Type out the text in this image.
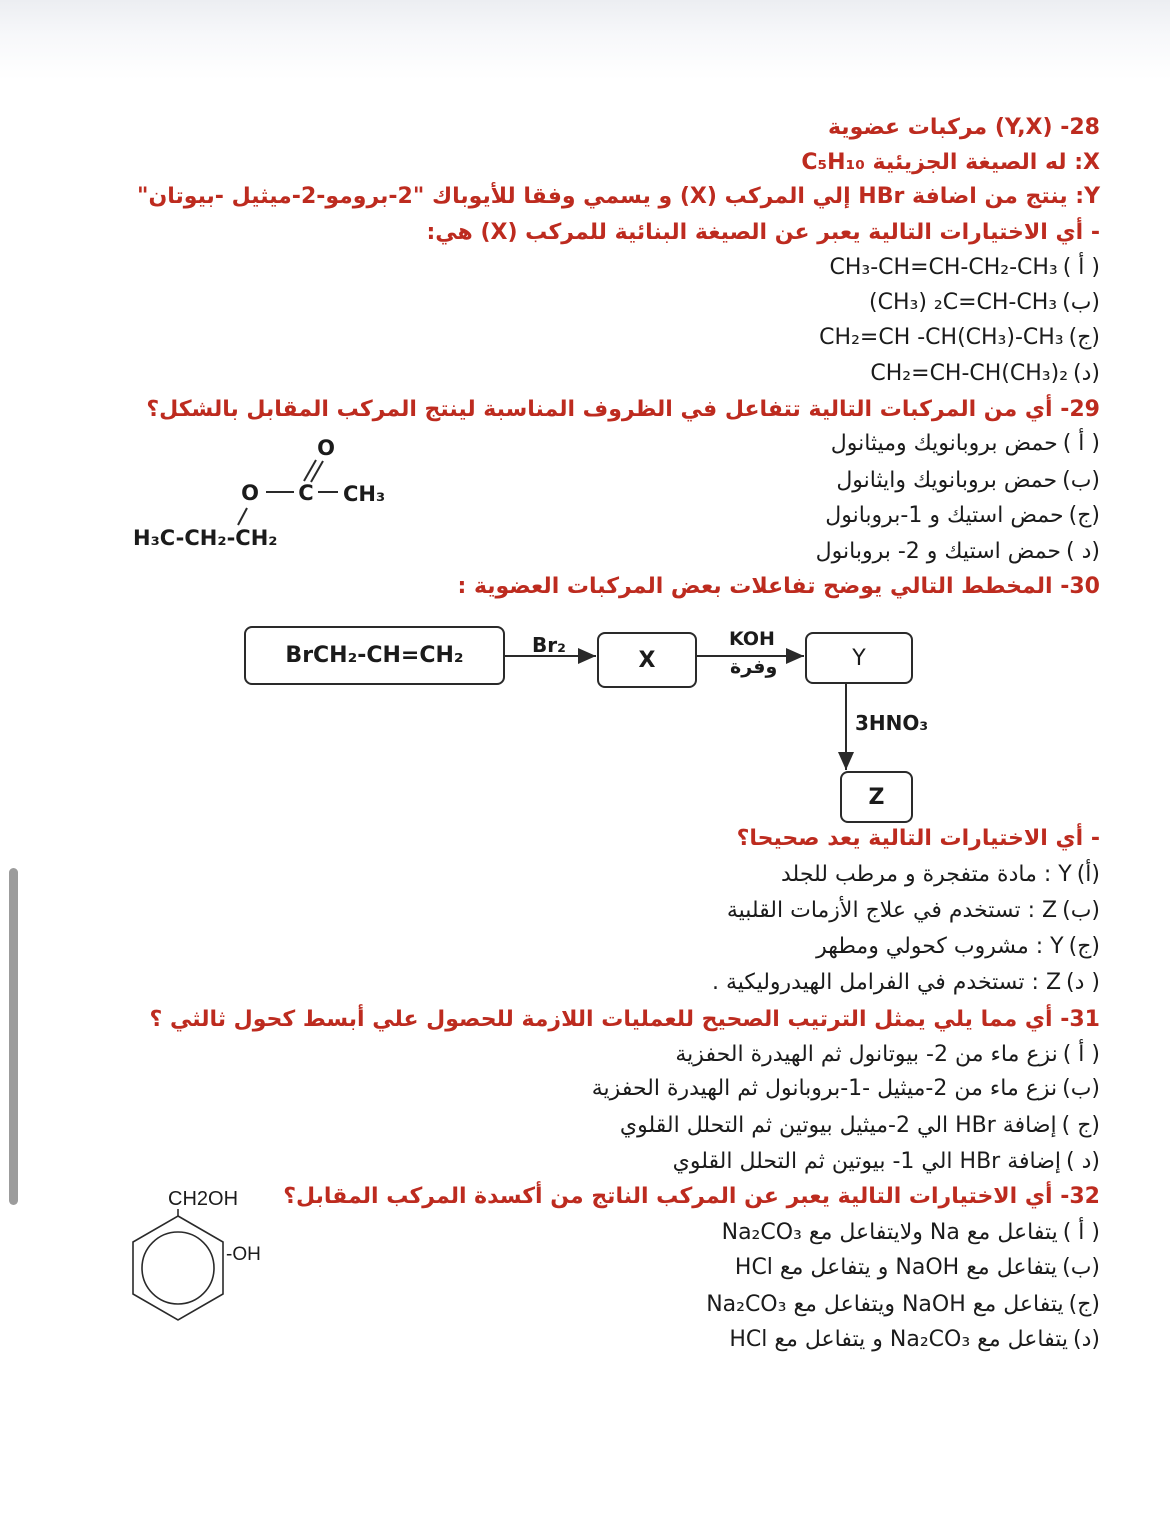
28- (Y,X) مركبات عضوية
X: له الصيغة الجزيئية C₅H₁₀
Y: ينتج من اضافة HBr إلي المركب (X) و يسمي وفقا للأيوباك "2-برومو-2-ميثيل -بيوتان"
- أي الاختيارات التالية يعبر عن الصيغة البنائية للمركب (X) هي:
( أ )CH₃-CH=CH-CH₂-CH₃
(ب)(CH₃) ₂C=CH-CH₃
(ج)CH₂=CH -CH(CH₃)-CH₃
(د)CH₂=CH-CH(CH₃)₂
29- أي من المركبات التالية تتفاعل في الظروف المناسبة لينتج المركب المقابل بالشكل؟
O
O C CH₃
H₃C-CH₂-CH₂
( أ )حمض بروبانويك وميثانول
(ب)حمض بروبانويك وايثانول
(ج)حمض استيك و 1-بروبانول
(د )حمض استيك و 2- بروبانول
30- المخطط التالي يوضح تفاعلات بعض المركبات العضوية :
BrCH₂-CH=CH₂	X	Y
Z
Br₂	KOH
وفرة
3HNO₃
- أي الاختيارات التالية يعد صحيحا؟
(أ)Y : مادة متفجرة و مرطب للجلد
(ب)Z : تستخدم في علاج الأزمات القلبية
(ج)Y : مشروب كحولي ومطهر
( د)Z : تستخدم في الفرامل الهيدروليكية .
31- أي مما يلي يمثل الترتيب الصحيح للعمليات اللازمة للحصول علي أبسط كحول ثالثي ؟
( أ )نزع ماء من 2- بيوتانول ثم الهيدرة الحفزية
(ب)نزع ماء من 2-ميثيل -1-بروبانول ثم الهيدرة الحفزية
(ج )إضافة HBr الي 2-ميثيل بيوتين ثم التحلل القلوي
(د )إضافة HBr الي 1- بيوتين ثم التحلل القلوي
32- أي الاختيارات التالية يعبر عن المركب الناتج من أكسدة المركب المقابل؟
CH2OH
-OH
( أ )يتفاعل مع Na ولايتفاعل مع Na₂CO₃
(ب)يتفاعل مع NaOH و يتفاعل مع HCl
(ج)يتفاعل مع NaOH ويتفاعل مع Na₂CO₃
(د)يتفاعل مع Na₂CO₃ و يتفاعل مع HCl
